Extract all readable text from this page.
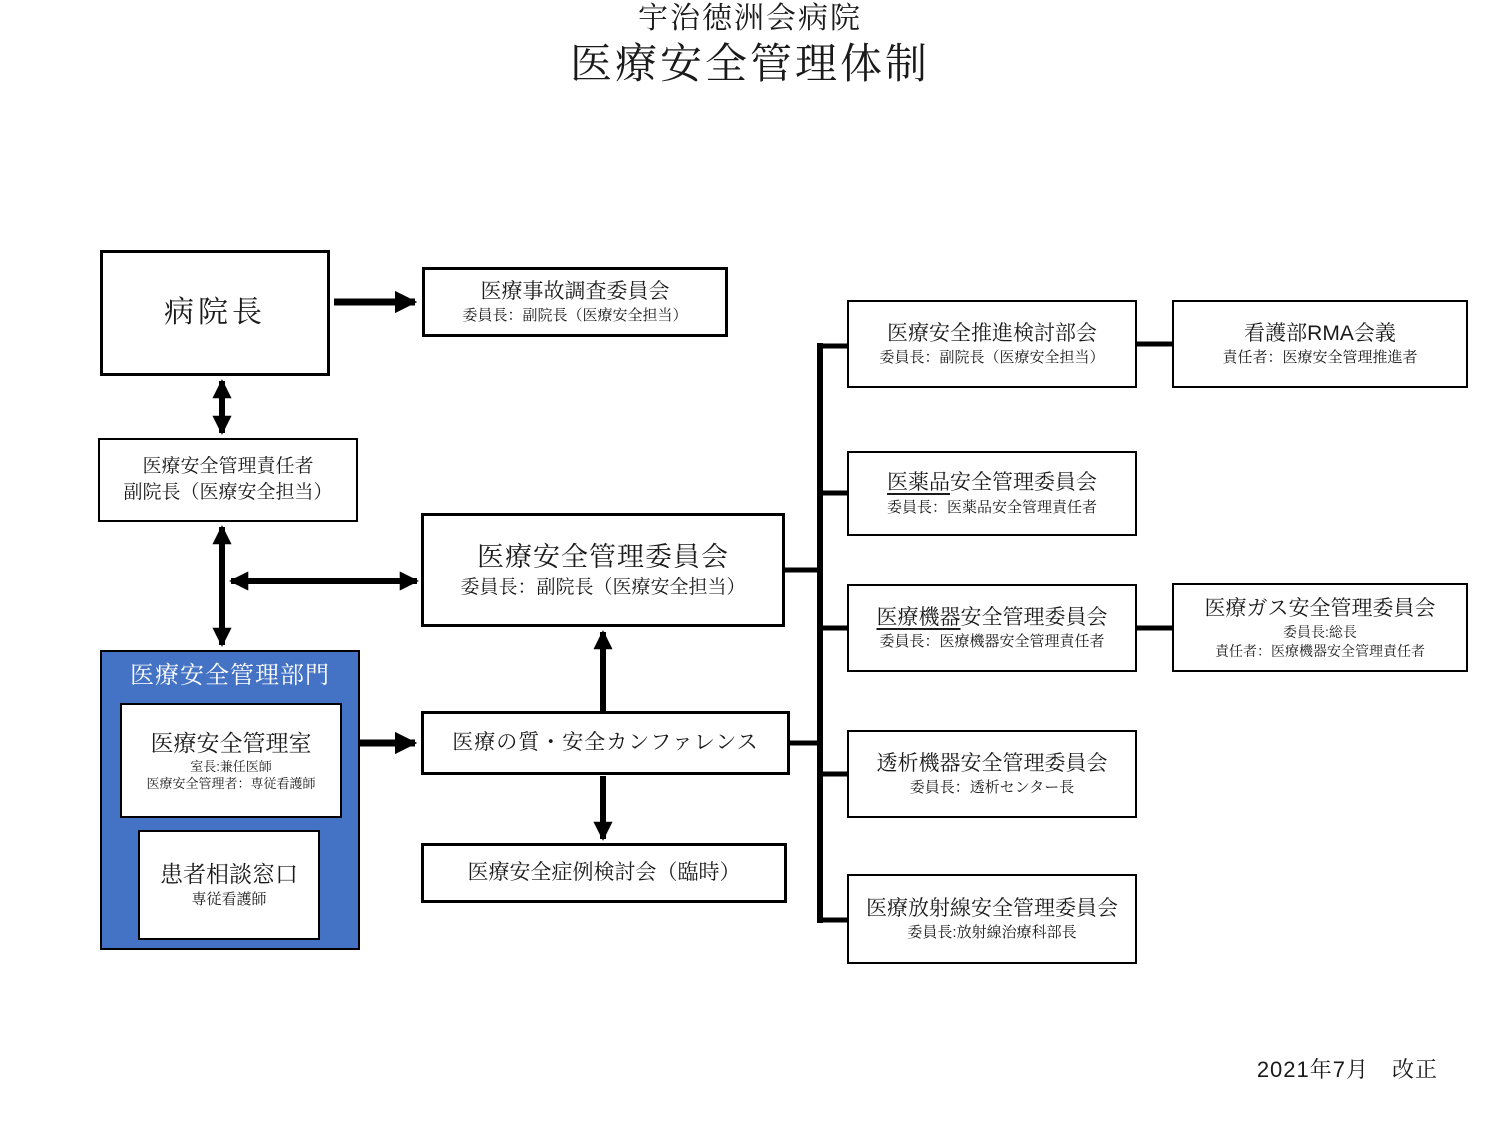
宇治徳洲会病院
医療安全管理体制
病院長
医療安全管理責任者
副院長（医療安全担当）
医療安全管理部門
医療安全管理室
室長:兼任医師
医療安全管理者：専従看護師
患者相談窓口
専従看護師
医療事故調査委員会
委員長：副院長（医療安全担当）
医療安全管理委員会
委員長：副院長（医療安全担当）
医療の質・安全カンファレンス
医療安全症例検討会（臨時）
医療安全推進検討部会
委員長：副院長（医療安全担当）
医薬品安全管理委員会
委員長：医薬品安全管理責任者
医療機器安全管理委員会
委員長：医療機器安全管理責任者
透析機器安全管理委員会
委員長：透析センター長
医療放射線安全管理委員会
委員長:放射線治療科部長
看護部RMA会義
責任者：医療安全管理推進者
医療ガス安全管理委員会
委員長:総長
責任者：医療機器安全管理責任者
2021年7月　改正
